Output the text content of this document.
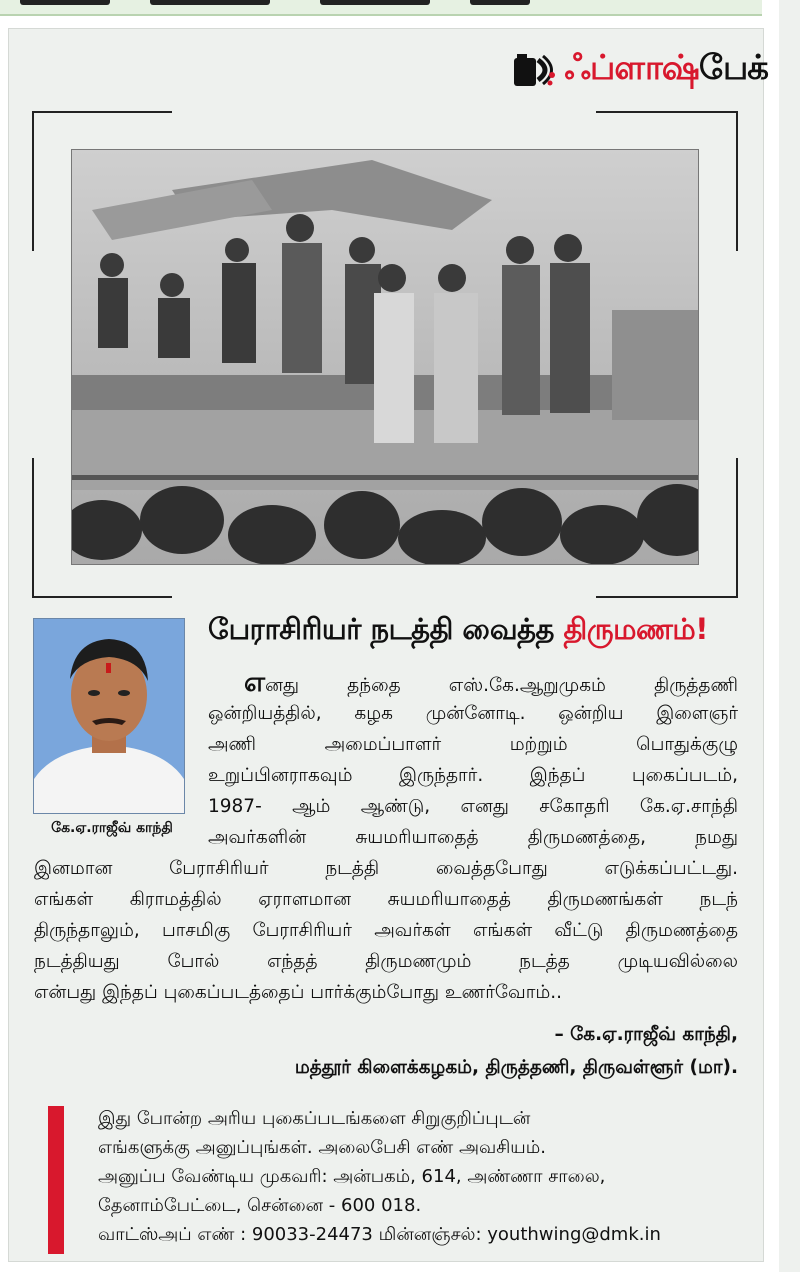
ஃப்ளாஷ்பேக்
பேராசிரியர் நடத்தி வைத்த திருமணம்!
கே.ஏ.ராஜீவ் காந்தி
எனது தந்தை எஸ்.கே.ஆறுமுகம் திருத்தணி
ஒன்றியத்தில், கழக முன்னோடி. ஒன்றிய இளைஞர்
அணி அமைப்பாளர் மற்றும் பொதுக்குழு
உறுப்பினராகவும் இருந்தார். இந்தப் புகைப்படம்,
1987- ஆம் ஆண்டு, எனது சகோதரி கே.ஏ.சாந்தி
அவர்களின் சுயமரியாதைத் திருமணத்தை, நமது
இனமான பேராசிரியர் நடத்தி வைத்தபோது எடுக்கப்பட்டது.
எங்கள் கிராமத்தில் ஏராளமான சுயமரியாதைத் திருமணங்கள் நடந்
திருந்தாலும், பாசமிகு பேராசிரியர் அவர்கள் எங்கள் வீட்டு திருமணத்தை
நடத்தியது போல் எந்தத் திருமணமும் நடத்த முடியவில்லை
என்பது இந்தப் புகைப்படத்தைப் பார்க்கும்போது உணர்வோம்..
– கே.ஏ.ராஜீவ் காந்தி,
மத்தூர் கிளைக்கழகம், திருத்தணி, திருவள்ளூர் (மா).
இது போன்ற அரிய புகைப்படங்களை சிறுகுறிப்புடன்
எங்களுக்கு அனுப்புங்கள். அலைபேசி எண் அவசியம்.
அனுப்ப வேண்டிய முகவரி: அன்பகம், 614, அண்ணா சாலை,
தேனாம்பேட்டை, சென்னை - 600 018.
வாட்ஸ்அப் எண் : 90033-24473 மின்னஞ்சல்: youthwing@dmk.in
